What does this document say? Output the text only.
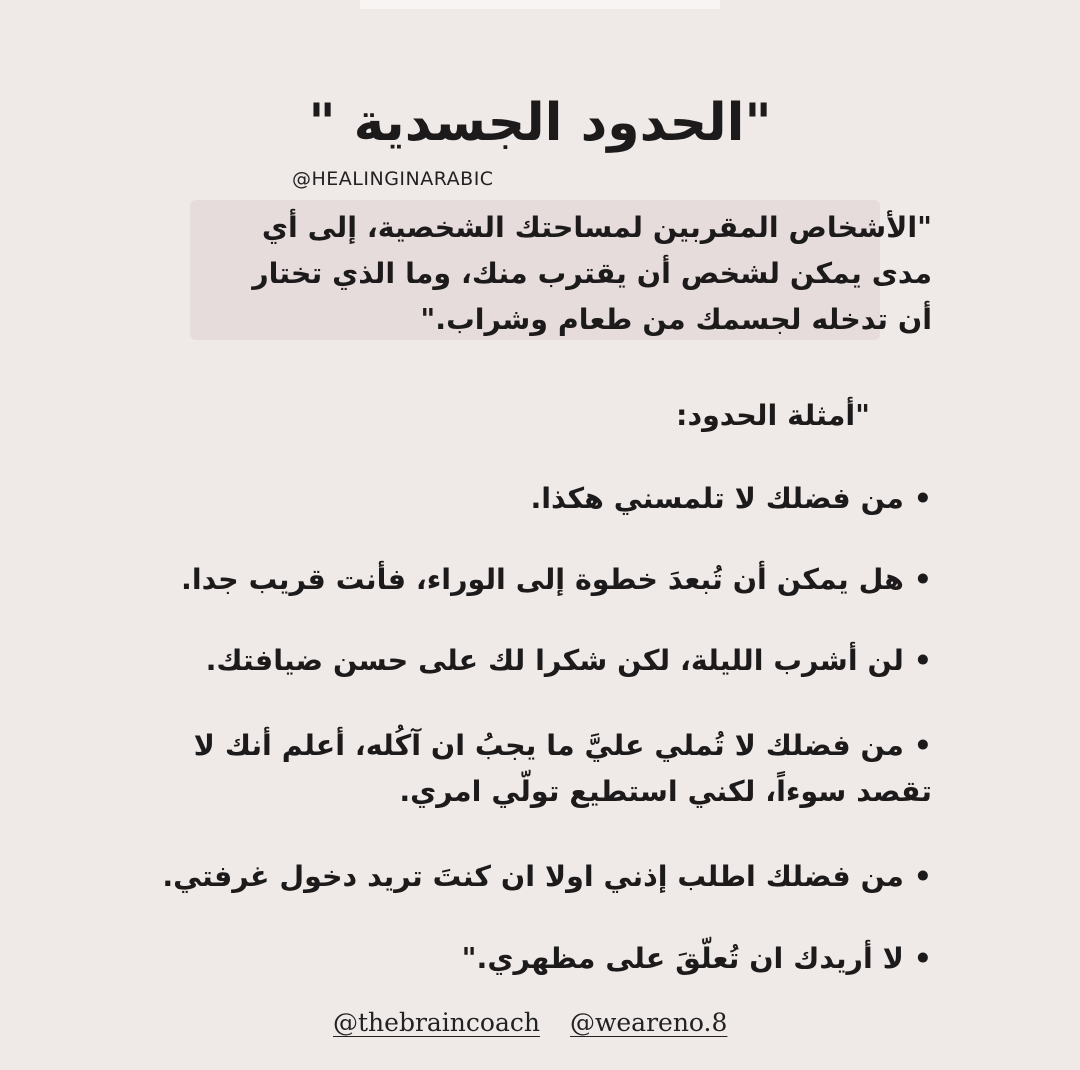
"الحدود الجسدية "
@HEALINGINARABIC
"الأشخاص المقربين لمساحتك الشخصية، إلى أي
مدى يمكن لشخص أن يقترب منك، وما الذي تختار
أن تدخله لجسمك من طعام وشراب."
"أمثلة الحدود:
• من فضلك لا تلمسني هكذا.
• هل يمكن أن تُبعدَ خطوة إلى الوراء، فأنت قريب جدا.
• لن أشرب الليلة، لكن شكرا لك على حسن ضيافتك.
• من فضلك لا تُملي عليَّ ما يجبُ ان آكُله، أعلم أنك لا
تقصد سوءاً، لكني استطيع تولّي امري.
• من فضلك اطلب إذني اولا ان كنتَ تريد دخول غرفتي.
• لا أريدك ان تُعلّقَ على مظهري."
@thebraincoach @weareno.8
